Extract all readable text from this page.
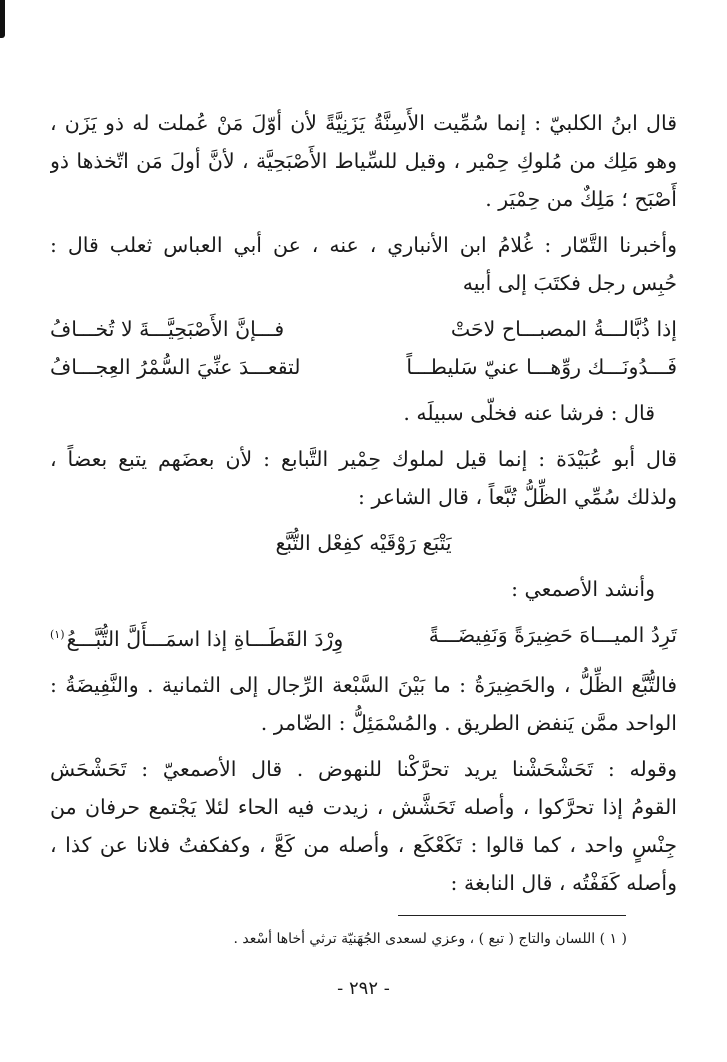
قال ابنُ الكلبيّ : إنما سُمِّيت الأَسِنَّةُ يَزَنِيَّةً لأن أوّلَ مَنْ عُملت له ذو يَزَن ،
وهو مَلِك من مُلوكِ حِمْير ، وقيل للسِّياط الأَصْبَحِيَّة ، لأنَّ أولَ مَن اتّخذها ذو
أَصْبَح ؛ مَلِكٌ من حِمْيَر .
وأخبرنا التَّمّار : غُلامُ ابن الأنباري ، عنه ، عن أبي العباس ثعلب قال :
حُبِس رجل فكتَبَ إلى أبيه
إذا ذُبَّالـــةُ المصبـــاح لاحَتْ
فـــإنَّ الأَصْبَحِيَّـــةَ لا تُخـــافُ
فَـــدُونَـــك روِّهـــا عنيّ سَليطـــاً
لتقعـــدَ عنِّيَ السُّمْرُ العِجـــافُ
قال : فرشا عنه فخلّى سبيلَه .
قال أبو عُبَيْدَة : إنما قيل لملوك حِمْير التَّبابع : لأن بعضَهم يتبع بعضاً ،
ولذلك سُمِّي الظِّلُّ تُبَّعاً ، قال الشاعر :
يَتْبَع رَوْقَيْه كفِعْل التُّبَّع
وأنشد الأصمعي :
تَرِدُ الميـــاهَ حَضِيرَةً وَنَفِيضَـــةً
وِرْدَ القَطَـــاةِ إذا اسمَـــأَلَّ التُّبَّـــعُ(١)
فالتُّبَّع الظِّلُّ ، والحَضِيرَةُ : ما بَيْنَ السَّبْعة الرِّجال إلى الثمانية . والنَّفِيضَةُ :
الواحد ممَّن يَنفض الطريق . والمُسْمَئِلُّ : الضّامر .
وقوله : تَحَشْحَشْنا يريد تحرَّكْنا للنهوض . قال الأصمعيّ : تَحَشْحَش
القومُ إذا تحرَّكوا ، وأصله تَحَشَّش ، زيدت فيه الحاء لئلا يَجْتمع حرفان من
جِنْسٍ واحد ، كما قالوا : تَكَعْكَع ، وأصله من كَعَّ ، وكفكفتُ فلانا عن كذا ،
وأصله كَفَفْتُه ، قال النابغة :
( ١ ) اللسان والتاج ( تبع ) ، وعزي لسعدى الجُهَنيّة ترثي أخاها أسْعد .
- ٢٩٢ -
